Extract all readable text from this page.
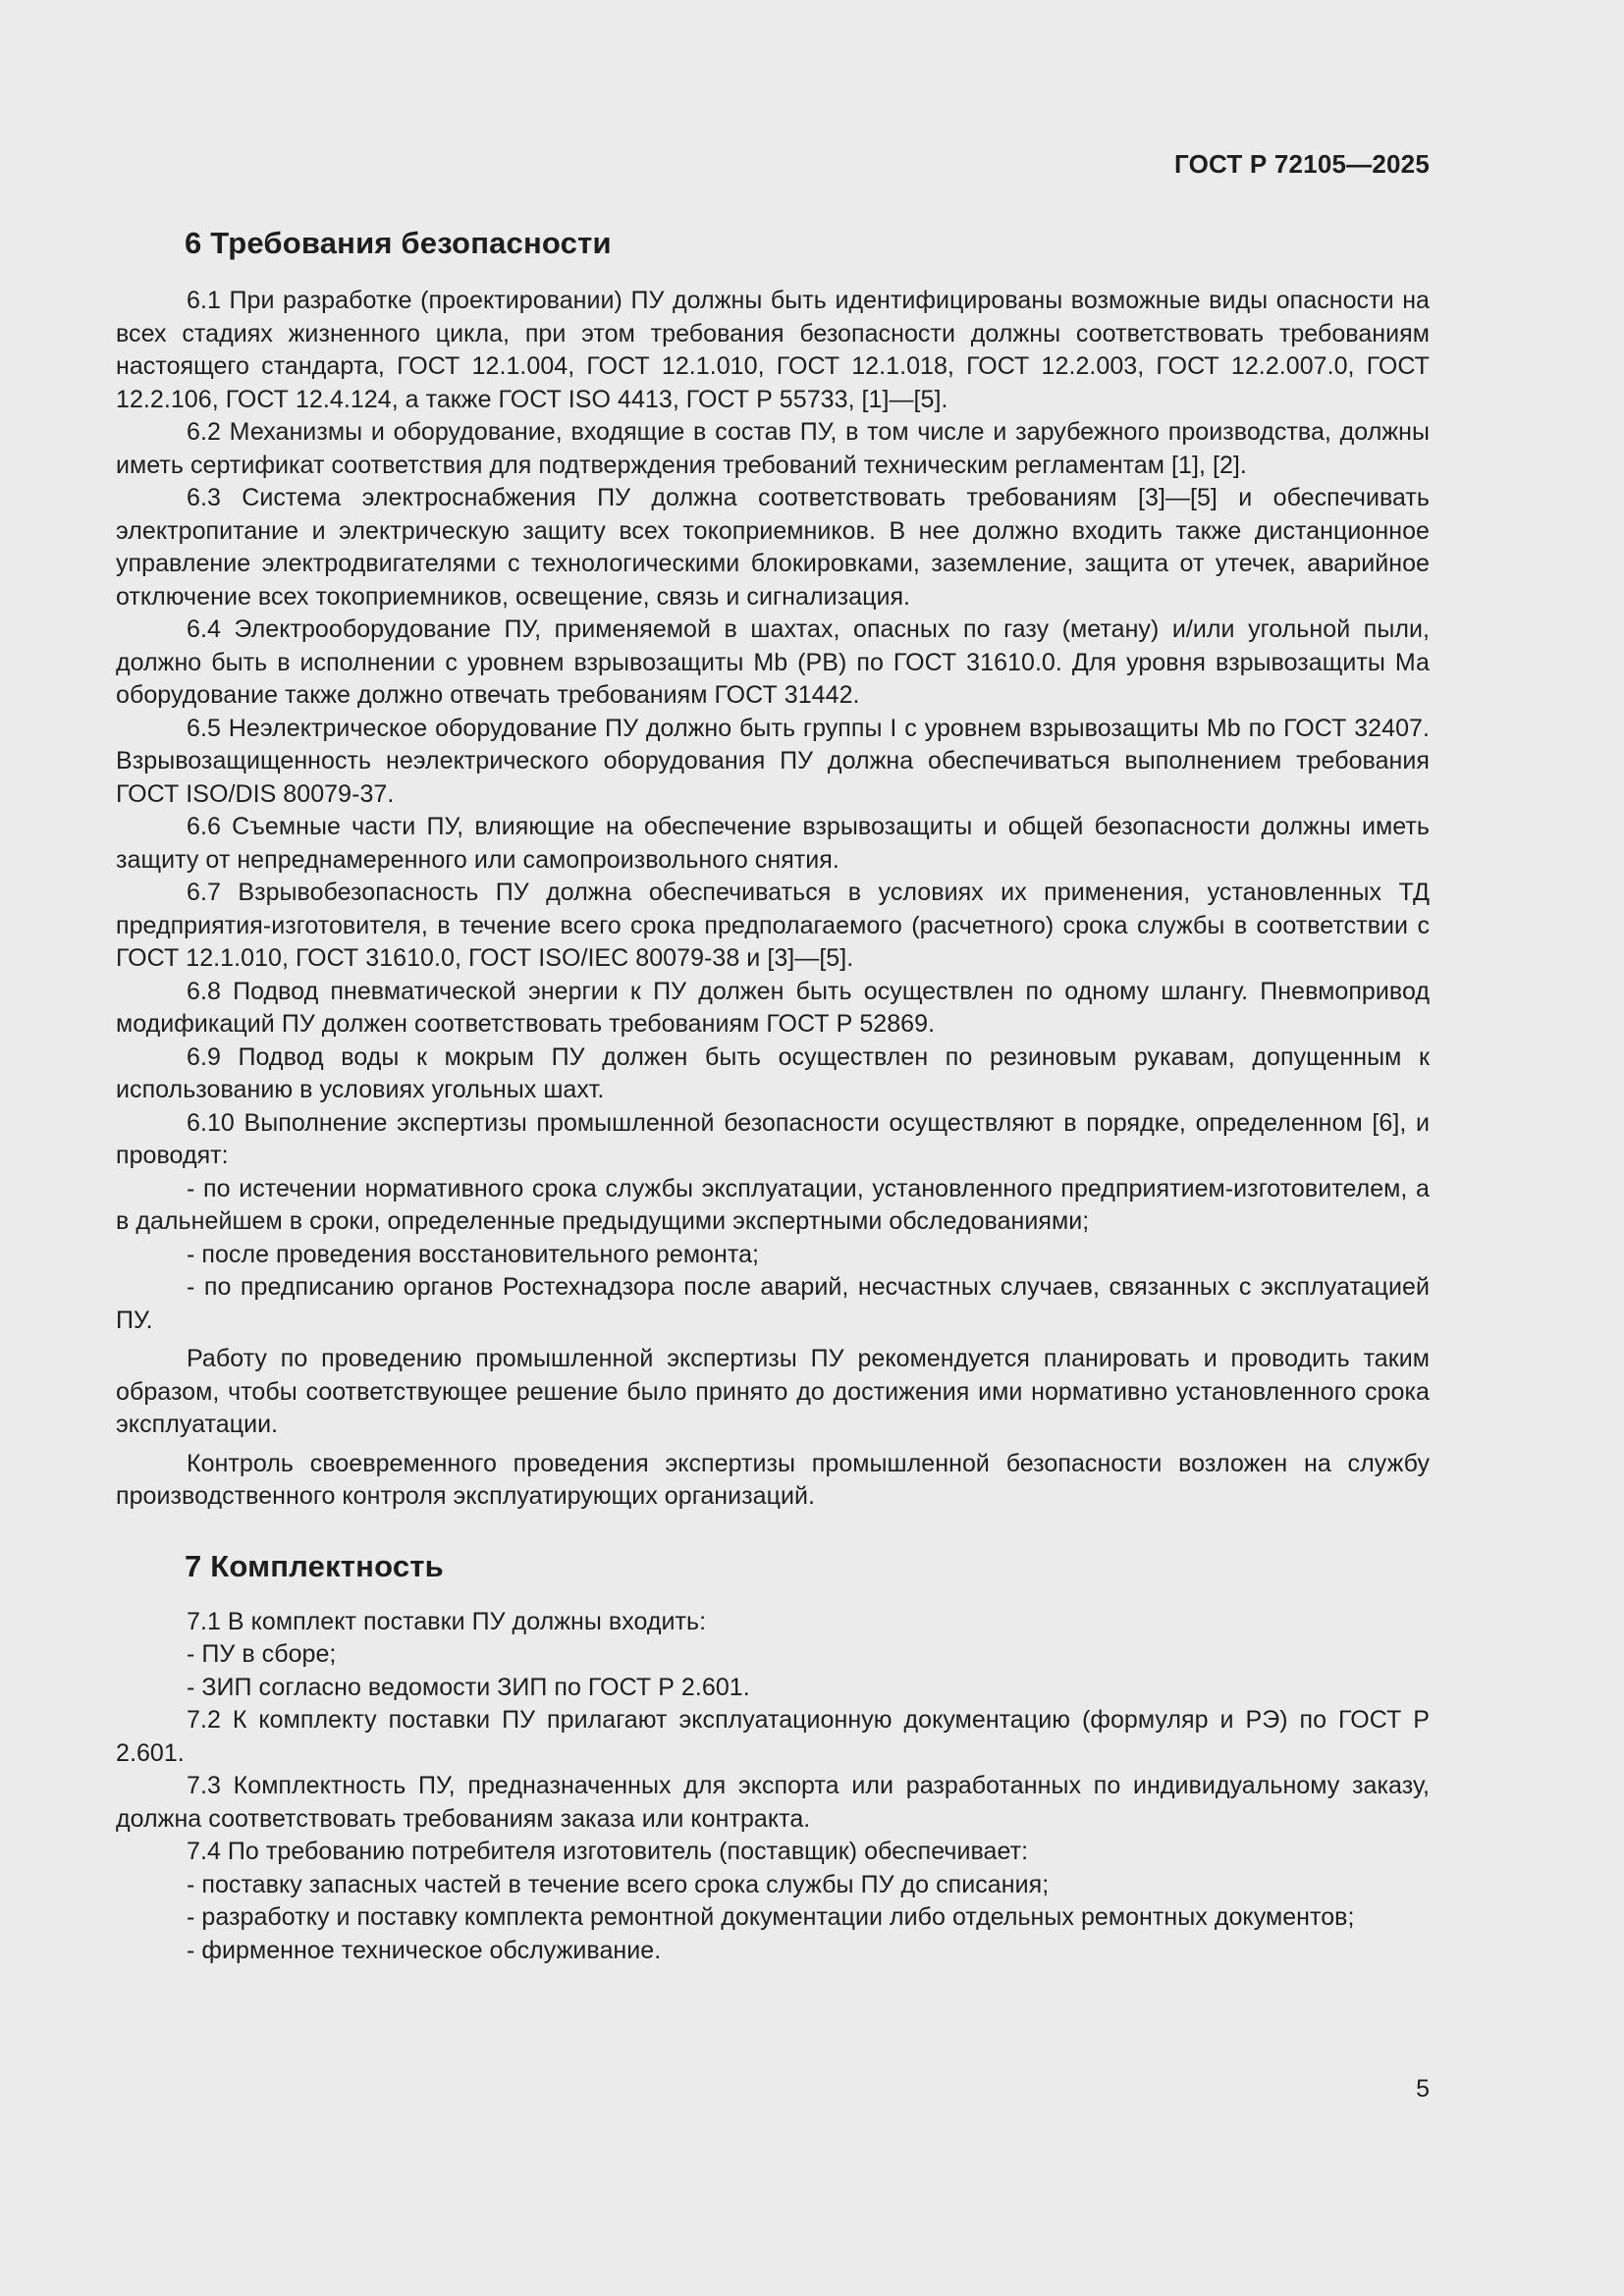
ГОСТ Р 72105—2025
6 Требования безопасности

6.1 При разработке (проектировании) ПУ должны быть идентифицированы возможные виды опасности на всех стадиях жизненного цикла, при этом требования безопасности должны соответствовать требованиям настоящего стандарта, ГОСТ 12.1.004, ГОСТ 12.1.010, ГОСТ 12.1.018, ГОСТ 12.2.003, ГОСТ 12.2.007.0, ГОСТ 12.2.106, ГОСТ 12.4.124, а также ГОСТ ISO 4413, ГОСТ Р 55733, [1]—[5].

6.2 Механизмы и оборудование, входящие в состав ПУ, в том числе и зарубежного производства, должны иметь сертификат соответствия для подтверждения требований техническим регламентам [1], [2].

6.3 Система электроснабжения ПУ должна соответствовать требованиям [3]—[5] и обеспечивать электропитание и электрическую защиту всех токоприемников. В нее должно входить также дистанционное управление электродвигателями с технологическими блокировками, заземление, защита от утечек, аварийное отключение всех токоприемников, освещение, связь и сигнализация.

6.4 Электрооборудование ПУ, применяемой в шахтах, опасных по газу (метану) и/или угольной пыли, должно быть в исполнении с уровнем взрывозащиты Mb (PB) по ГОСТ 31610.0. Для уровня взрывозащиты Ма оборудование также должно отвечать требованиям ГОСТ 31442.

6.5 Неэлектрическое оборудование ПУ должно быть группы I с уровнем взрывозащиты Mb по ГОСТ 32407. Взрывозащищенность неэлектрического оборудования ПУ должна обеспечиваться выполнением требования ГОСТ ISO/DIS 80079-37.

6.6 Съемные части ПУ, влияющие на обеспечение взрывозащиты и общей безопасности должны иметь защиту от непреднамеренного или самопроизвольного снятия.

6.7 Взрывобезопасность ПУ должна обеспечиваться в условиях их применения, установленных ТД предприятия-изготовителя, в течение всего срока предполагаемого (расчетного) срока службы в соответствии с ГОСТ 12.1.010, ГОСТ 31610.0, ГОСТ ISO/IEC 80079-38 и [3]—[5].

6.8 Подвод пневматической энергии к ПУ должен быть осуществлен по одному шлангу. Пневмопривод модификаций ПУ должен соответствовать требованиям ГОСТ Р 52869.

6.9 Подвод воды к мокрым ПУ должен быть осуществлен по резиновым рукавам, допущенным к использованию в условиях угольных шахт.

6.10 Выполнение экспертизы промышленной безопасности осуществляют в порядке, определенном [6], и проводят:

- по истечении нормативного срока службы эксплуатации, установленного предприятием-изготовителем, а в дальнейшем в сроки, определенные предыдущими экспертными обследованиями;

- после проведения восстановительного ремонта;

- по предписанию органов Ростехнадзора после аварий, несчастных случаев, связанных с эксплуатацией ПУ.

Работу по проведению промышленной экспертизы ПУ рекомендуется планировать и проводить таким образом, чтобы соответствующее решение было принято до достижения ими нормативно установленного срока эксплуатации.

Контроль своевременного проведения экспертизы промышленной безопасности возложен на службу производственного контроля эксплуатирующих организаций.

7 Комплектность

7.1 В комплект поставки ПУ должны входить:

- ПУ в сборе;

- ЗИП согласно ведомости ЗИП по ГОСТ Р 2.601.

7.2 К комплекту поставки ПУ прилагают эксплуатационную документацию (формуляр и РЭ) по ГОСТ Р 2.601.

7.3 Комплектность ПУ, предназначенных для экспорта или разработанных по индивидуальному заказу, должна соответствовать требованиям заказа или контракта.

7.4 По требованию потребителя изготовитель (поставщик) обеспечивает:

- поставку запасных частей в течение всего срока службы ПУ до списания;

- разработку и поставку комплекта ремонтной документации либо отдельных ремонтных документов;

- фирменное техническое обслуживание.

5
